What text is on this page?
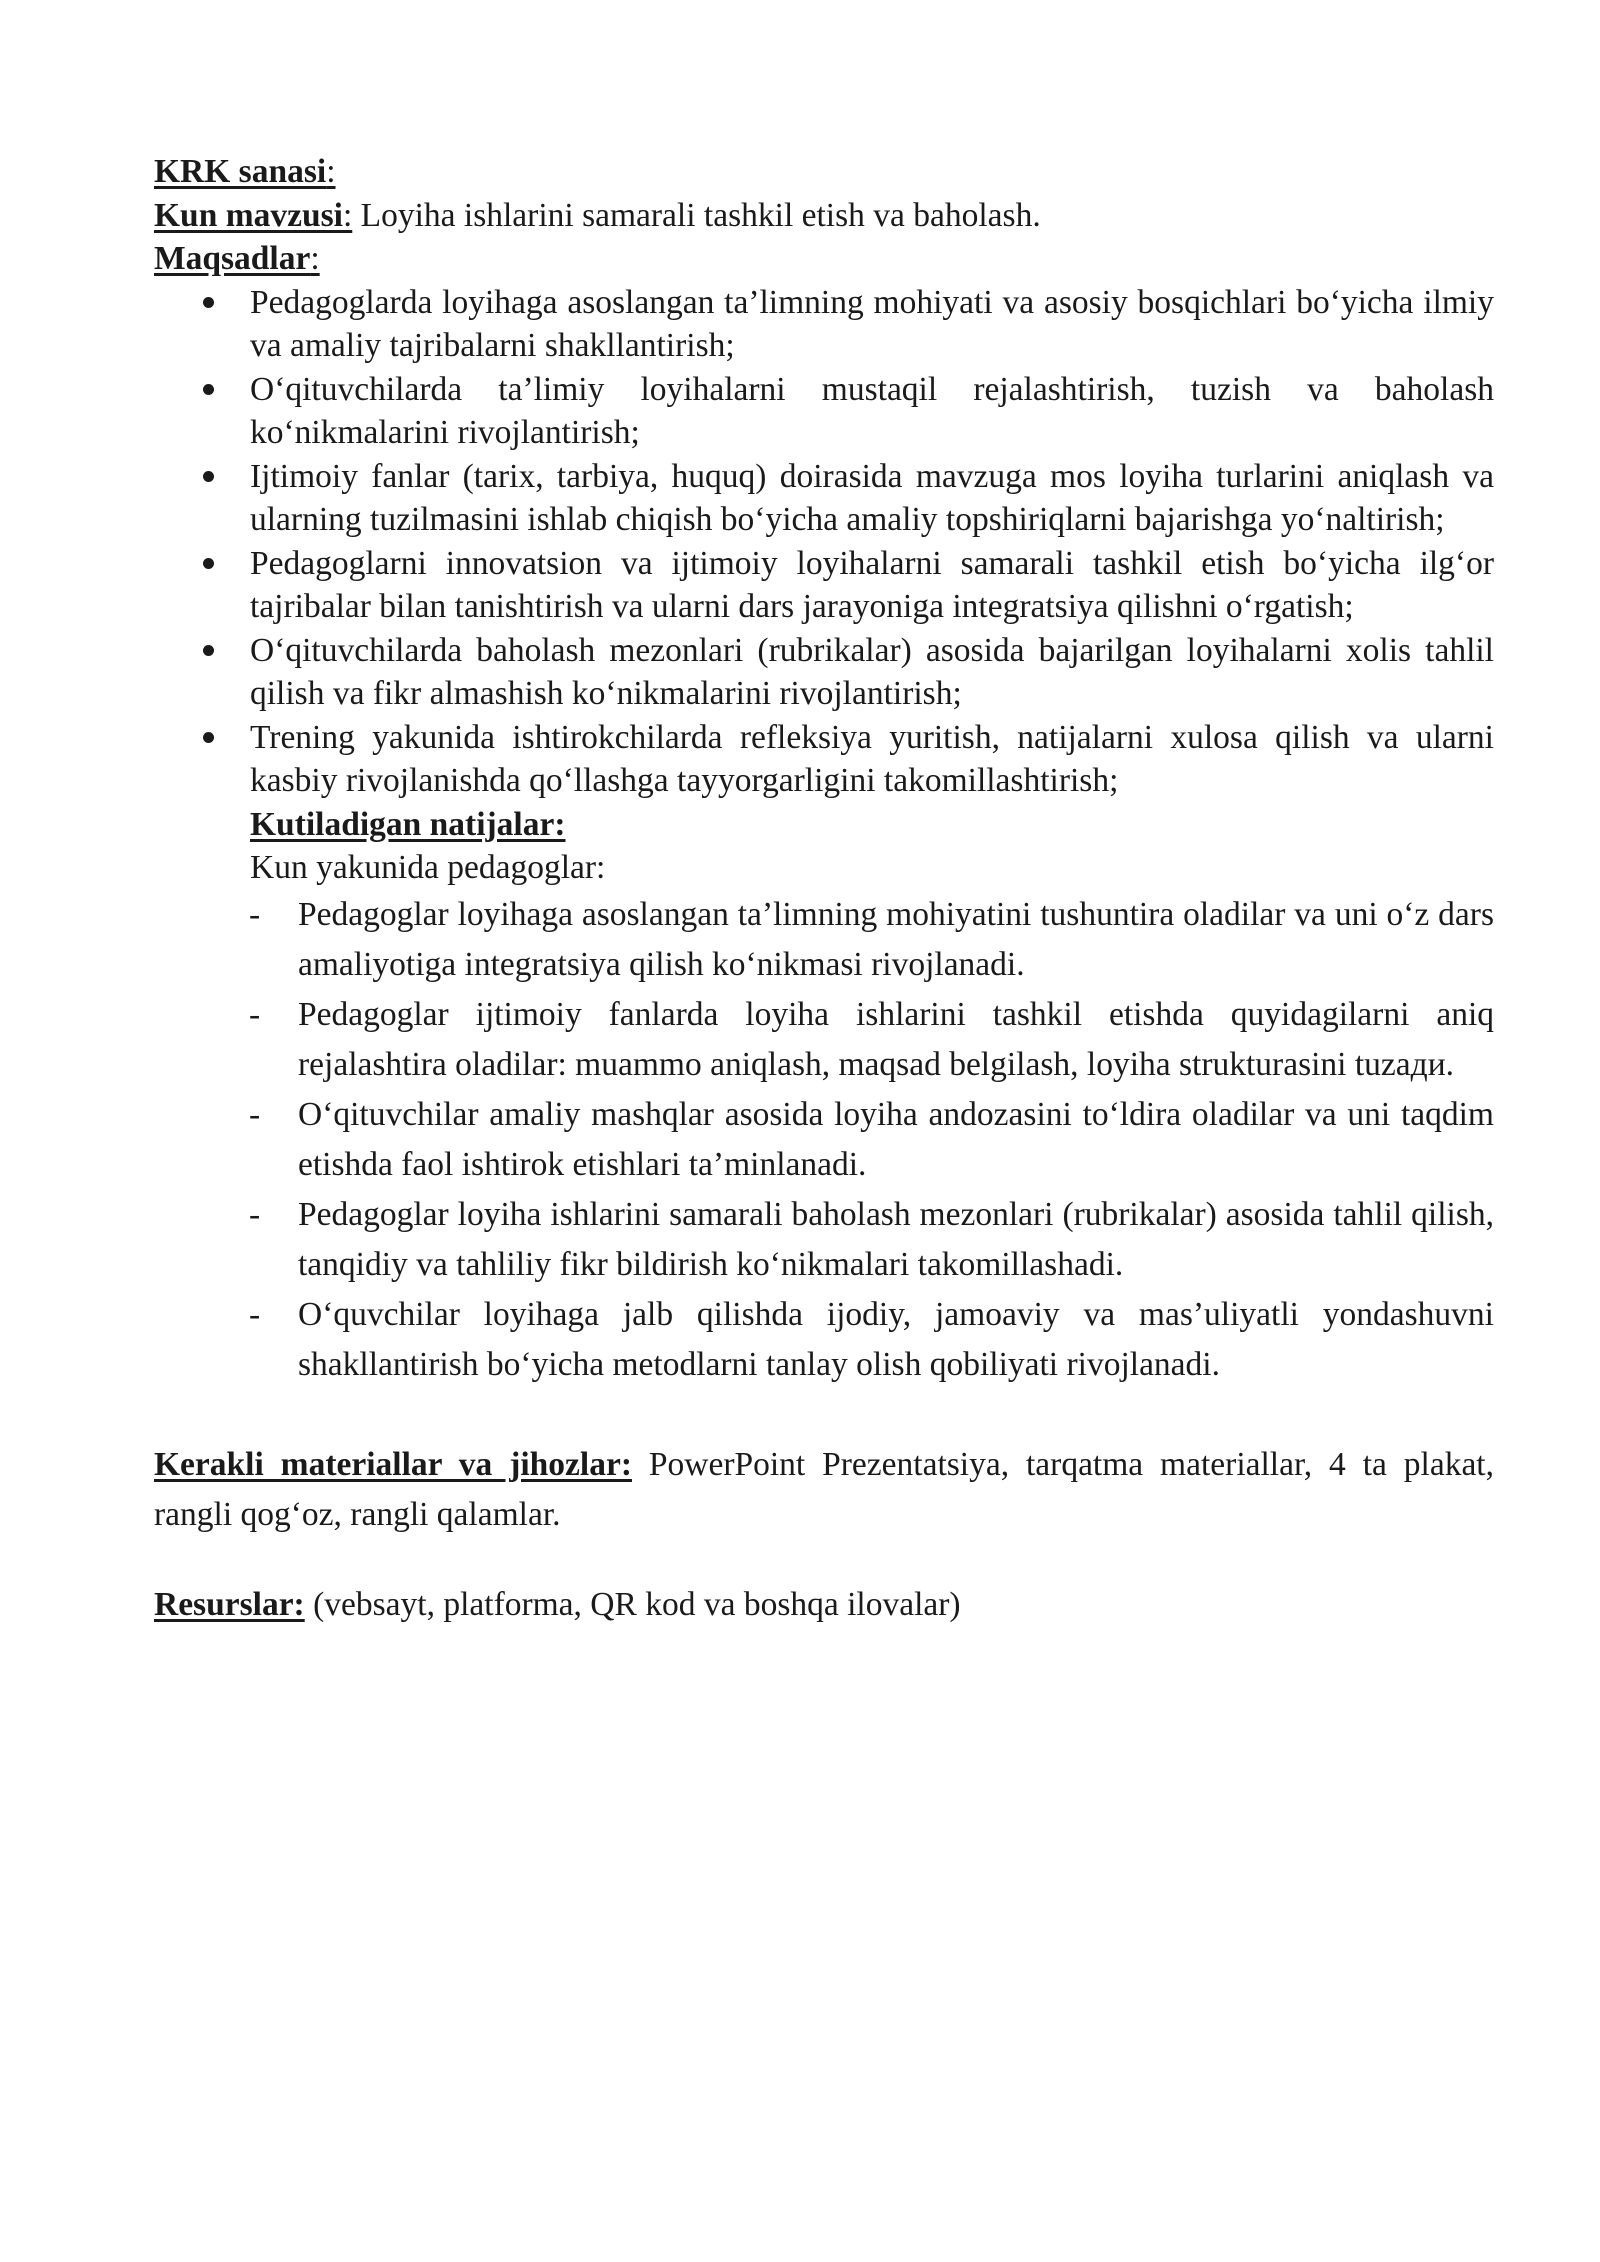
KRK sanasi:

Kun mavzusi: Loyiha ishlarini samarali tashkil etish va baholash.

Maqsadlar:

Pedagoglarda loyihaga asoslangan ta’limning mohiyati va asosiy bosqichlari bo‘yicha ilmiy va amaliy tajribalarni shakllantirish;
O‘qituvchilarda ta’limiy loyihalarni mustaqil rejalashtirish, tuzish va baholash ko‘nikmalarini rivojlantirish;
Ijtimoiy fanlar (tarix, tarbiya, huquq) doirasida mavzuga mos loyiha turlarini aniqlash va ularning tuzilmasini ishlab chiqish bo‘yicha amaliy topshiriqlarni bajarishga yo‘naltirish;
Pedagoglarni innovatsion va ijtimoiy loyihalarni samarali tashkil etish bo‘yicha ilg‘or tajribalar bilan tanishtirish va ularni dars jarayoniga integratsiya qilishni o‘rgatish;
O‘qituvchilarda baholash mezonlari (rubrikalar) asosida bajarilgan loyihalarni xolis tahlil qilish va fikr almashish ko‘nikmalarini rivojlantirish;
Trening yakunida ishtirokchilarda refleksiya yuritish, natijalarni xulosa qilish va ularni kasbiy rivojlanishda qo‘llashga tayyorgarligini takomillashtirish;

Kutiladigan natijalar:

Kun yakunida pedagoglar:

- Pedagoglar loyihaga asoslangan ta’limning mohiyatini tushuntira oladilar va uni o‘z dars amaliyotiga integratsiya qilish ko‘nikmasi rivojlanadi.
- Pedagoglar ijtimoiy fanlarda loyiha ishlarini tashkil etishda quyidagilarni aniq rejalashtira oladilar: muammo aniqlash, maqsad belgilash, loyiha strukturasini tuzади.
- O‘qituvchilar amaliy mashqlar asosida loyiha andozasini to‘ldira oladilar va uni taqdim etishda faol ishtirok etishlari ta’minlanadi.
- Pedagoglar loyiha ishlarini samarali baholash mezonlari (rubrikalar) asosida tahlil qilish, tanqidiy va tahliliy fikr bildirish ko‘nikmalari takomillashadi.
- O‘quvchilar loyihaga jalb qilishda ijodiy, jamoaviy va mas’uliyatli yondashuvni shakllantirish bo‘yicha metodlarni tanlay olish qobiliyati rivojlanadi.

Kerakli materiallar va jihozlar: PowerPoint Prezentatsiya, tarqatma materiallar, 4 ta plakat, rangli qog‘oz, rangli qalamlar.

Resurslar: (vebsayt, platforma, QR kod va boshqa ilovalar)
